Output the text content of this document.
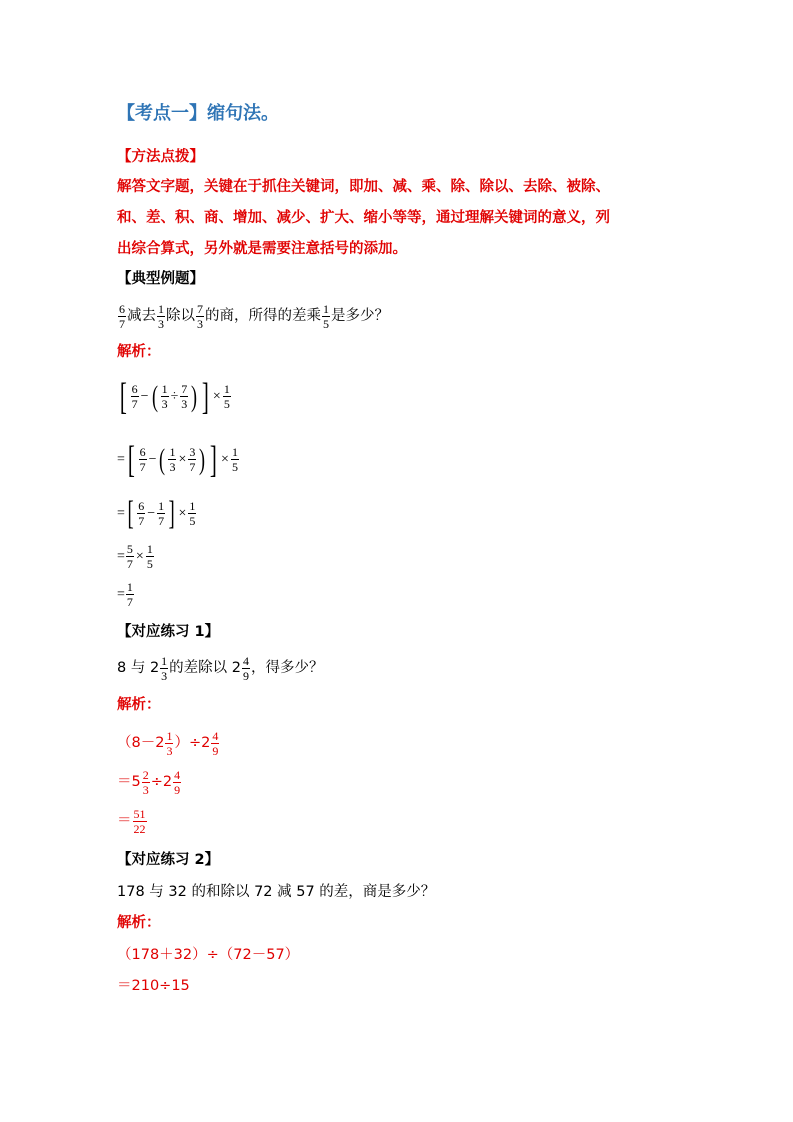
【考点一】缩句法。
【方法点拨】
解答文字题，关键在于抓住关键词，即加、减、乘、除、除以、去除、被除、
和、差、积、商、增加、减少、扩大、缩小等等，通过理解关键词的意义，列
出综合算式，另外就是需要注意括号的添加。
【典型例题】
$\frac{6}{7}$ 减去 $\frac{1}{3}$ 除以 $\frac{7}{3}$ 的商，所得的差乘 $\frac{1}{5}$ 是多少？
解析：
[ $\frac{6}{7}$ − ( $\frac{1}{3} \div \frac{7}{3}$ ) ] × $\frac{1}{5}$
=[ $\frac{6}{7}$ − ( $\frac{1}{3} \times \frac{3}{7}$ ) ] × $\frac{1}{5}$
=[ $\frac{6}{7} - \frac{1}{7}$ ] × $\frac{1}{5}$
= $\frac{5}{7} \times \frac{1}{5}$
= $\frac{1}{7}$
【对应练习 1】
8 与 $2 \frac{1}{3}$ 的差除以 $2 \frac{4}{9}$ ，得多少？
解析：
$(8-2 \frac{1}{3} )\div 2 \frac{4}{9}$
$=5 \frac{2}{3} \div 2 \frac{4}{9}$
＝ $\frac{51}{22}$
【对应练习 2】
178 与 32 的和除以 72 减 57 的差，商是多少？
解析：
（178＋32）÷（72－57）
＝210÷15
